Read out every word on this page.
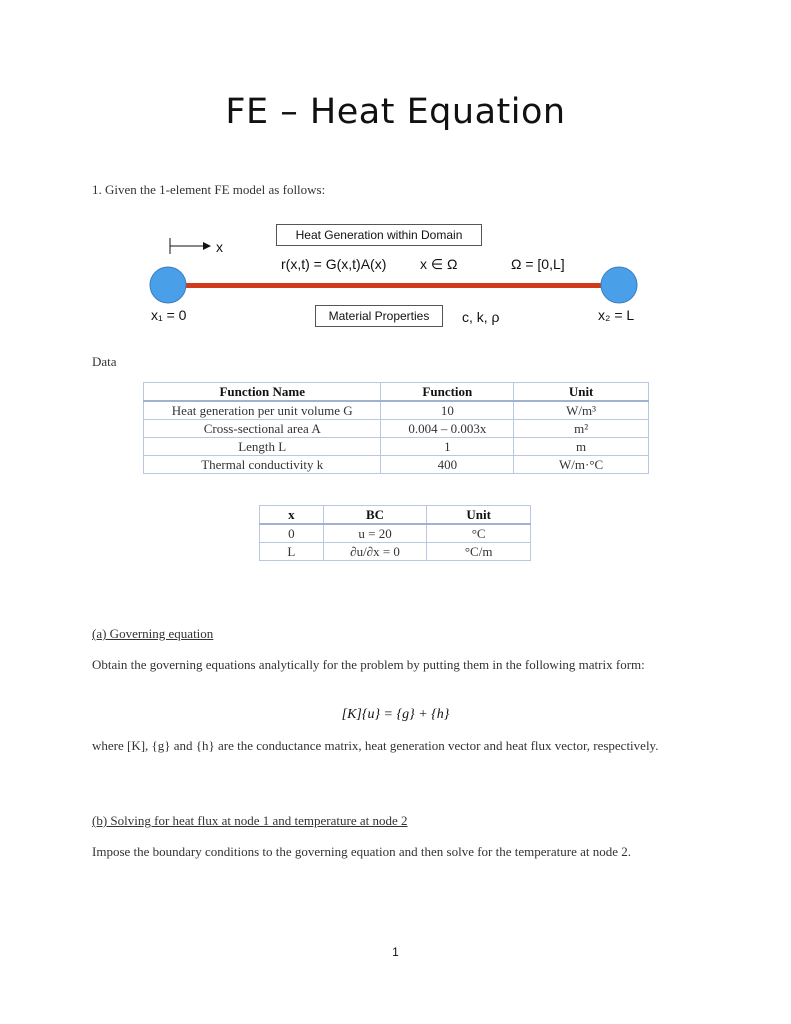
FE – Heat Equation
1. Given the 1-element FE model as follows:
x
Heat Generation within Domain
r(x,t) = G(x,t)A(x) x ∈ Ω	Ω = [0,L]
x₁ = 0	Material Properties	c, k, ρ	x₂ = L
Data
Function Name	Function	Unit
Heat generation per unit volume G	10	W/m³
Cross-sectional area A	0.004 – 0.003x	m²
Length L	1	m
Thermal conductivity k	400	W/m·°C
x	BC	Unit
0	u = 20	°C
L	∂u/∂x = 0	°C/m
(a) Governing equation
Obtain the governing equations analytically for the problem by putting them in the following matrix form:
[K]{u} = {g} + {h}
where [K], {g} and {h} are the conductance matrix, heat generation vector and heat flux vector, respectively.
(b) Solving for heat flux at node 1 and temperature at node 2
Impose the boundary conditions to the governing equation and then solve for the temperature at node 2.
1
